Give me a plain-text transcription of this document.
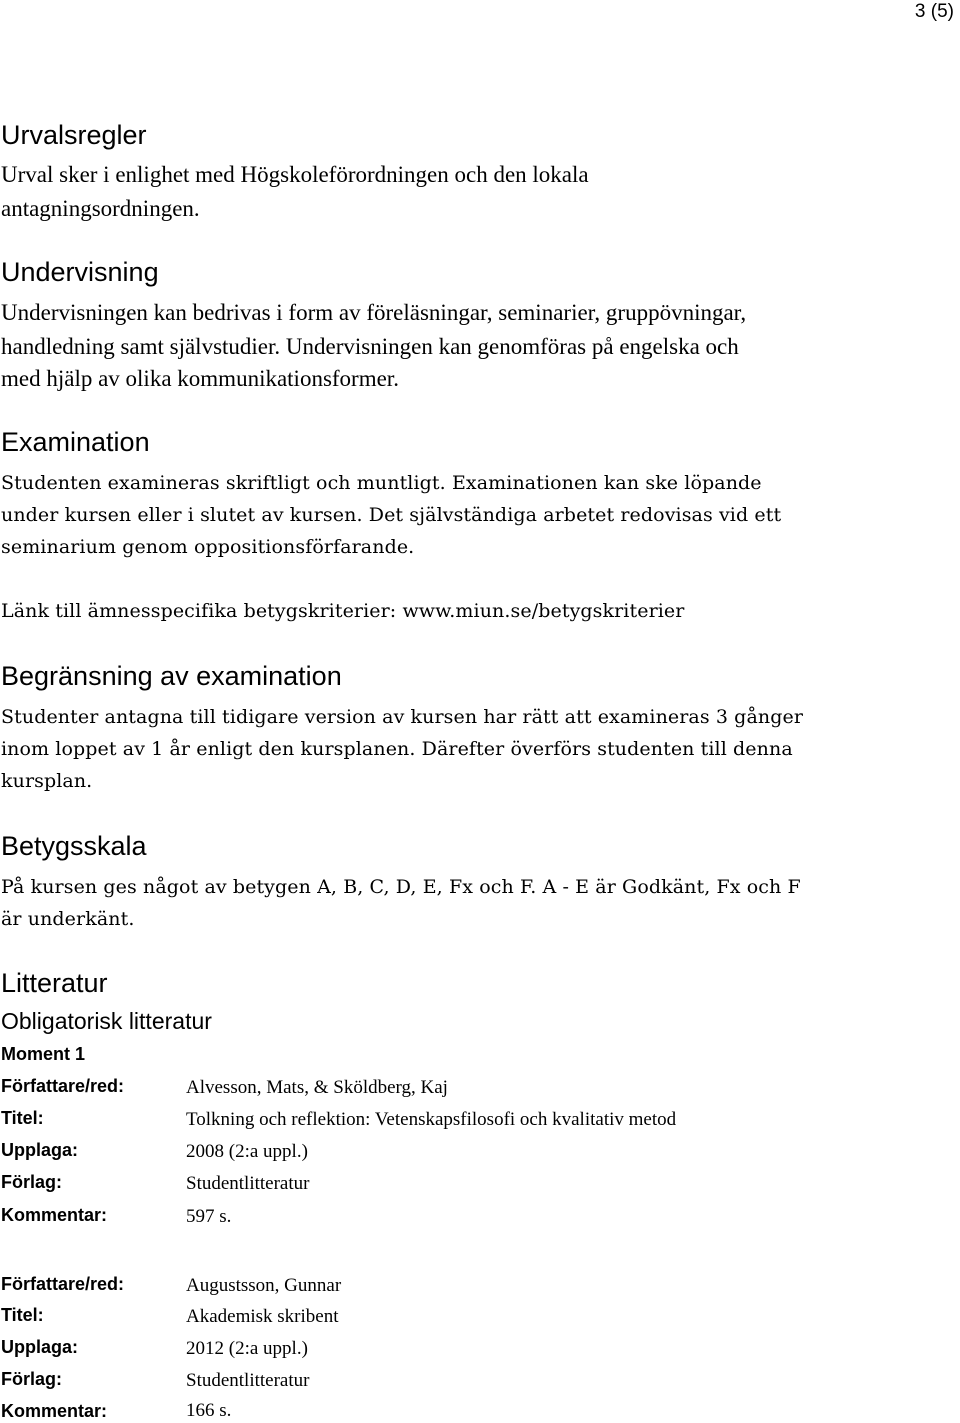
3 (5)
Urvalsregler
Urval sker i enlighet med Högskoleförordningen och den lokala
antagningsordningen.
Undervisning
Undervisningen kan bedrivas i form av föreläsningar, seminarier, gruppövningar,
handledning samt självstudier. Undervisningen kan genomföras på engelska och
med hjälp av olika kommunikationsformer.
Examination
Studenten examineras skriftligt och muntligt. Examinationen kan ske löpande
under kursen eller i slutet av kursen. Det självständiga arbetet redovisas vid ett
seminarium genom oppositionsförfarande.
Länk till ämnesspecifika betygskriterier: www.miun.se/betygskriterier
Begränsning av examination
Studenter antagna till tidigare version av kursen har rätt att examineras 3 gånger
inom loppet av 1 år enligt den kursplanen. Därefter överförs studenten till denna
kursplan.
Betygsskala
På kursen ges något av betygen A, B, C, D, E, Fx och F. A - E är Godkänt, Fx och F
är underkänt.
Litteratur
Obligatorisk litteratur
Moment 1
Författare/red:	Alvesson, Mats, & Sköldberg, Kaj
Titel:	Tolkning och reflektion: Vetenskapsfilosofi och kvalitativ metod
Upplaga:	2008 (2:a uppl.)
Förlag:	Studentlitteratur
Kommentar:	597 s.
Författare/red:	Augustsson, Gunnar
Titel:	Akademisk skribent
Upplaga:	2012 (2:a uppl.)
Förlag:	Studentlitteratur
Kommentar:	166 s.
